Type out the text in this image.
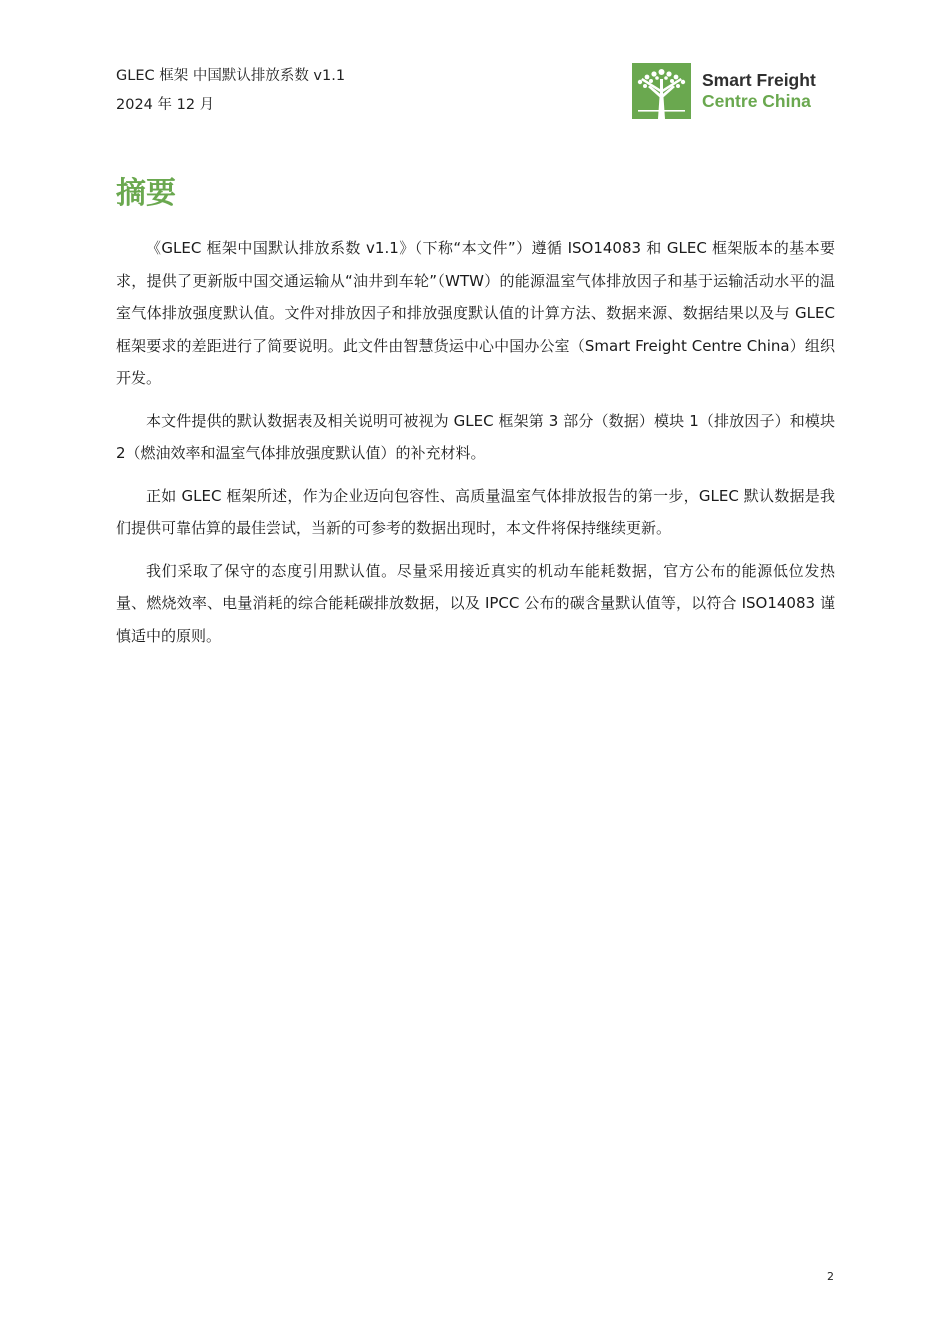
GLEC 框架 中国默认排放系数 v1.1
2024 年 12 月
Smart Freight
Centre China
摘要

《GLEC 框架中国默认排放系数 v1.1》（下称“本文件”）遵循 ISO14083 和 GLEC 框架版本的基本要求，提供了更新版中国交通运输从“油井到车轮”（WTW）的能源温室气体排放因子和基于运输活动水平的温室气体排放强度默认值。文件对排放因子和排放强度默认值的计算方法、数据来源、数据结果以及与 GLEC 框架要求的差距进行了简要说明。此文件由智慧货运中心中国办公室（Smart Freight Centre China）组织开发。

本文件提供的默认数据表及相关说明可被视为 GLEC 框架第 3 部分（数据）模块 1（排放因子）和模块 2（燃油效率和温室气体排放强度默认值）的补充材料。

正如 GLEC 框架所述，作为企业迈向包容性、高质量温室气体排放报告的第一步，GLEC 默认数据是我们提供可靠估算的最佳尝试，当新的可参考的数据出现时，本文件将保持继续更新。

我们采取了保守的态度引用默认值。尽量采用接近真实的机动车能耗数据，官方公布的能源低位发热量、燃烧效率、电量消耗的综合能耗碳排放数据，以及 IPCC 公布的碳含量默认值等，以符合 ISO14083 谨慎适中的原则。

2
